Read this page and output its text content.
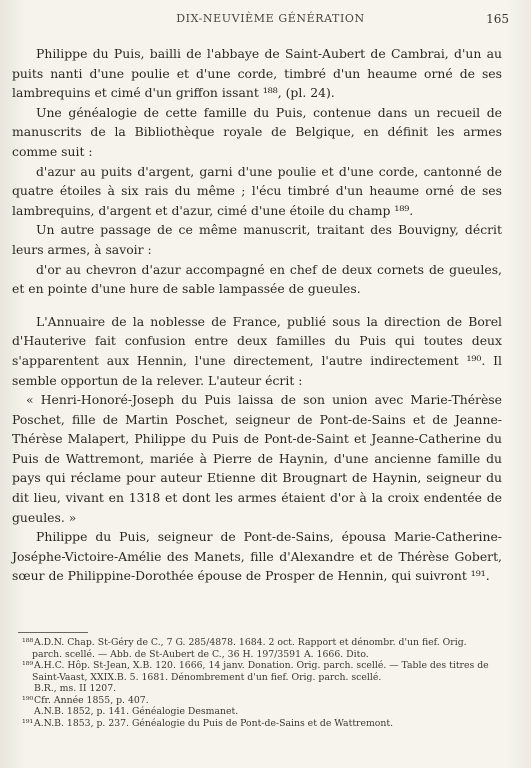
DIX-NEUVIÈME GÉNÉRATION	165

Philippe du Puis, bailli de l'abbaye de Saint-Aubert de Cambrai, d'un au puits nanti d'une poulie et d'une corde, timbré d'un heaume orné de ses lambrequins et cimé d'un griffon issant ¹⁸⁸, (pl. 24).

Une généalogie de cette famille du Puis, contenue dans un recueil de manuscrits de la Bibliothèque royale de Belgique, en définit les armes comme suit :

d'azur au puits d'argent, garni d'une poulie et d'une corde, cantonné de quatre étoiles à six rais du même ; l'écu timbré d'un heaume orné de ses lambrequins, d'argent et d'azur, cimé d'une étoile du champ ¹⁸⁹.

Un autre passage de ce même manuscrit, traitant des Bouvigny, décrit leurs armes, à savoir :

d'or au chevron d'azur accompagné en chef de deux cornets de gueules, et en pointe d'une hure de sable lampassée de gueules.

L'Annuaire de la noblesse de France, publié sous la direction de Borel d'Hauterive fait confusion entre deux familles du Puis qui toutes deux s'apparentent aux Hennin, l'une directement, l'autre indirectement ¹⁹⁰. Il semble opportun de la relever. L'auteur écrit :

« Henri-Honoré-Joseph du Puis laissa de son union avec Marie-Thérèse Poschet, fille de Martin Poschet, seigneur de Pont-de-Sains et de Jeanne-Thérèse Malapert, Philippe du Puis de Pont-de-Saint et Jeanne-Catherine du Puis de Wattremont, mariée à Pierre de Haynin, d'une ancienne famille du pays qui réclame pour auteur Etienne dit Brougnart de Haynin, seigneur du dit lieu, vivant en 1318 et dont les armes étaient d'or à la croix endentée de gueules. »

Philippe du Puis, seigneur de Pont-de-Sains, épousa Marie-Catherine-Joséphe-Victoire-Amélie des Manets, fille d'Alexandre et de Thérèse Gobert, sœur de Philippine-Dorothée épouse de Prosper de Hennin, qui suivront ¹⁹¹.

¹⁸⁸A.D.N. Chap. St-Géry de C., 7 G. 285/4878. 1684. 2 oct. Rapport et dénombr. d'un fief. Orig. parch. scellé. — Abb. de St-Aubert de C., 36 H. 197/3591 A. 1666. Dito.

¹⁸⁹A.H.C. Hôp. St-Jean, X.B. 120. 1666, 14 janv. Donation. Orig. parch. scellé. — Table des titres de Saint-Vaast, XXIX.B. 5. 1681. Dénombrement d'un fief. Orig. parch. scellé.

B.R., ms. II 1207.

¹⁹⁰Cfr. Année 1855, p. 407.

A.N.B. 1852, p. 141. Généalogie Desmanet.

¹⁹¹A.N.B. 1853, p. 237. Généalogie du Puis de Pont-de-Sains et de Wattremont.
